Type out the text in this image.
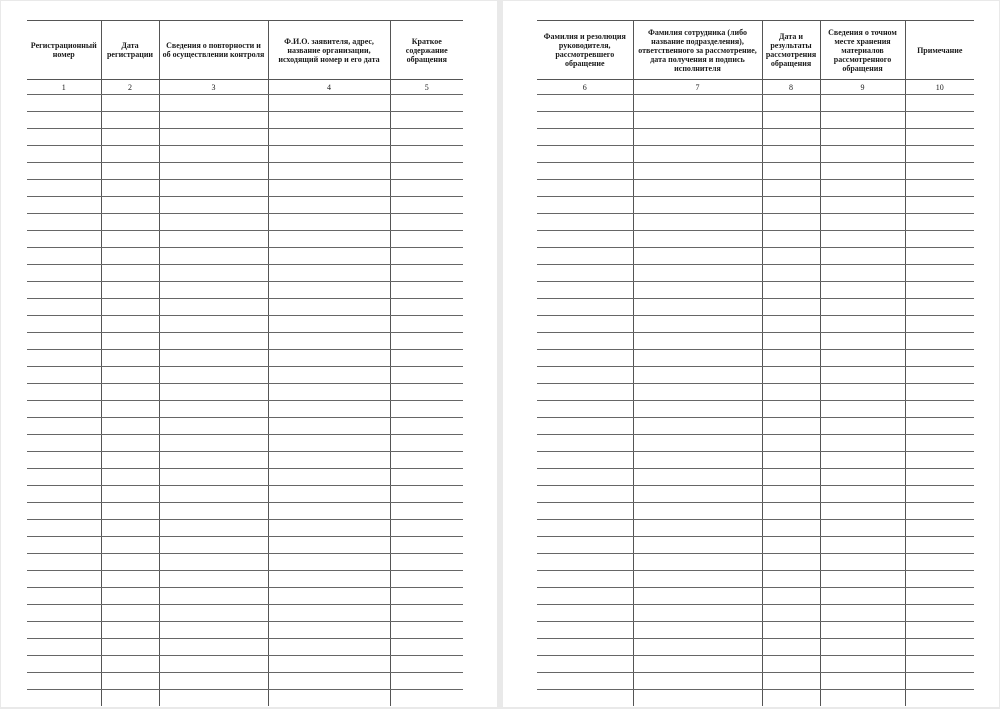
Регистрационный номер	Дата регистрации	Сведения о повторности и об осуществлении контроля	Ф.И.О. заявителя, адрес, название организации, исходящий номер и его дата	Краткое содержание обращения
1	2	3	4	5

Фамилия и резолюция руководителя, рассмотревшего обращение	Фамилия сотрудника (либо название подразделения), ответственного за рассмотрение, дата получения и подпись исполнителя	Дата и результаты рассмотрения обращения	Сведения о точном месте хранения материалов рассмотренного обращения	Примечание
6	7	8	9	10
